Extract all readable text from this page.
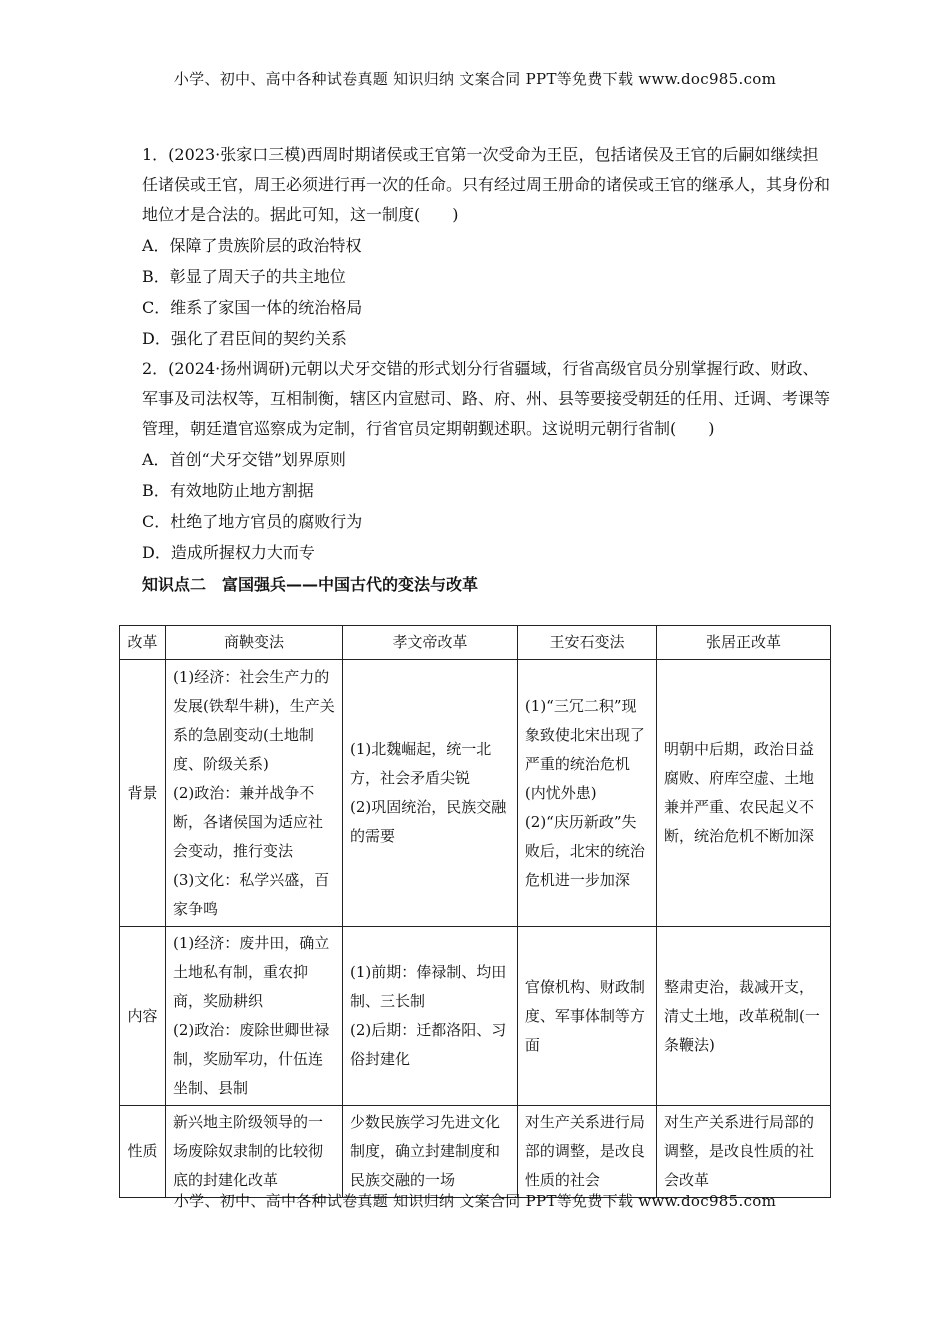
小学、初中、高中各种试卷真题 知识归纳 文案合同 PPT等免费下载 www.doc985.com

1．(2023·张家口三模)西周时期诸侯或王官第一次受命为王臣，包括诸侯及王官的后嗣如继续担任诸侯或王官，周王必须进行再一次的任命。只有经过周王册命的诸侯或王官的继承人，其身份和地位才是合法的。据此可知，这一制度(　　)

A．保障了贵族阶层的政治特权

B．彰显了周天子的共主地位

C．维系了家国一体的统治格局

D．强化了君臣间的契约关系

2．(2024·扬州调研)元朝以犬牙交错的形式划分行省疆域，行省高级官员分别掌握行政、财政、军事及司法权等，互相制衡，辖区内宣慰司、路、府、州、县等要接受朝廷的任用、迁调、考课等管理，朝廷遣官巡察成为定制，行省官员定期朝觐述职。这说明元朝行省制(　　)

A．首创“犬牙交错”划界原则

B．有效地防止地方割据

C．杜绝了地方官员的腐败行为

D．造成所握权力大而专

知识点二　富国强兵——中国古代的变法与改革

改革	商鞅变法	孝文帝改革	王安石变法	张居正改革
背景	(1)经济：社会生产力的发展(铁犁牛耕)，生产关系的急剧变动(土地制度、阶级关系)
(2)政治：兼并战争不断，各诸侯国为适应社会变动，推行变法
(3)文化：私学兴盛，百家争鸣	(1)北魏崛起，统一北方，社会矛盾尖锐
(2)巩固统治，民族交融的需要	(1)“三冗二积”现象致使北宋出现了严重的统治危机(内忧外患)
(2)“庆历新政”失败后，北宋的统治危机进一步加深	明朝中后期，政治日益腐败、府库空虚、土地兼并严重、农民起义不断，统治危机不断加深

内容	(1)经济：废井田，确立土地私有制，重农抑商，奖励耕织
(2)政治：废除世卿世禄制，奖励军功，什伍连坐制、县制	(1)前期：俸禄制、均田制、三长制
(2)后期：迁都洛阳、习俗封建化	官僚机构、财政制度、军事体制等方面	整肃吏治，裁减开支，清丈土地，改革税制(一条鞭法)

性质	新兴地主阶级领导的一场废除奴隶制的比较彻底的封建化改革	少数民族学习先进文化制度，确立封建制度和民族交融的一场	对生产关系进行局部的调整，是改良性质的社会	对生产关系进行局部的调整，是改良性质的社会改革
小学、初中、高中各种试卷真题 知识归纳 文案合同 PPT等免费下载 www.doc985.com
